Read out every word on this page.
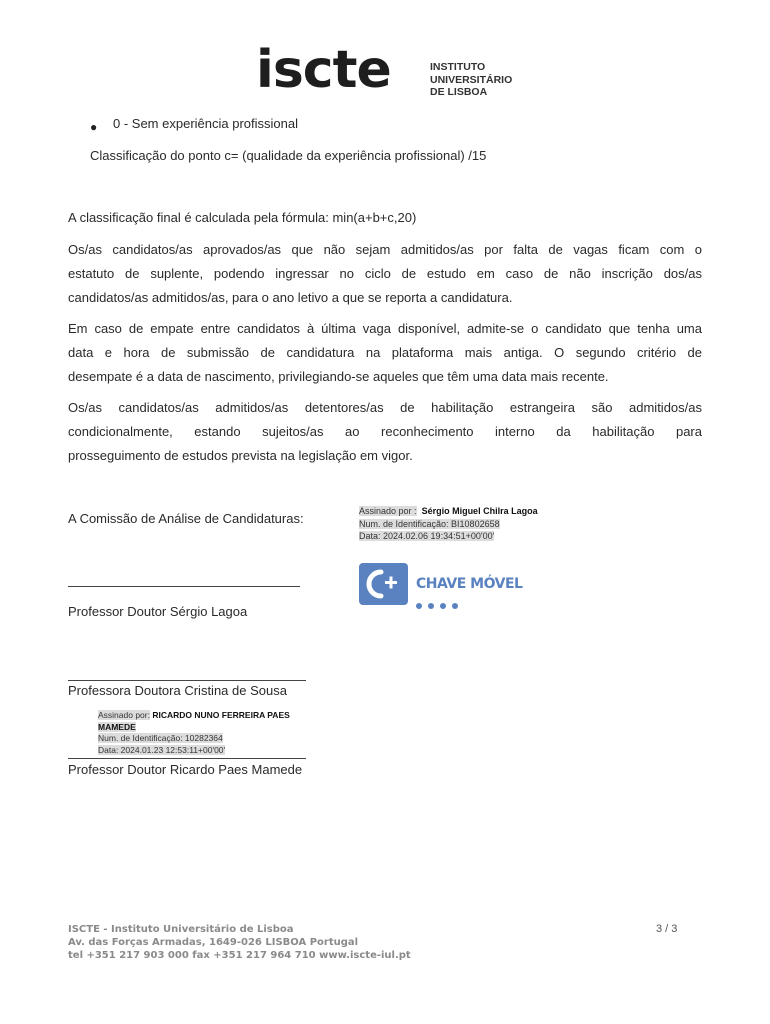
iscte	INSTITUTO
UNIVERSITÁRIO
DE LISBOA
● 0 - Sem experiência profissional
Classificação do ponto c= (qualidade da experiência profissional) /15
A classificação final é calculada pela fórmula: min(a+b+c,20)
Os/as candidatos/as aprovados/as que não sejam admitidos/as por falta de vagas ficam com o
estatuto de suplente, podendo ingressar no ciclo de estudo em caso de não inscrição dos/as
candidatos/as admitidos/as, para o ano letivo a que se reporta a candidatura.
Em caso de empate entre candidatos à última vaga disponível, admite-se o candidato que tenha uma
data e hora de submissão de candidatura na plataforma mais antiga. O segundo critério de
desempate é a data de nascimento, privilegiando-se aqueles que têm uma data mais recente.
Os/as candidatos/as admitidos/as detentores/as de habilitação estrangeira são admitidos/as
condicionalmente, estando sujeitos/as ao reconhecimento interno da habilitação para
prosseguimento de estudos prevista na legislação em vigor.
A Comissão de Análise de Candidaturas:	Assinado por : Sérgio Miguel Chilra Lagoa
Num. de Identificação: BI10802658
Data: 2024.02.06 19:34:51+00'00'
CHAVE MÓVEL
Professor Doutor Sérgio Lagoa
Professora Doutora Cristina de Sousa
Assinado por: RICARDO NUNO FERREIRA PAES
MAMEDE
Num. de Identificação: 10282364
Data: 2024.01.23 12:53:11+00'00'
Professor Doutor Ricardo Paes Mamede
ISCTE - Instituto Universitário de Lisboa
Av. das Forças Armadas, 1649-026 LISBOA Portugal
tel +351 217 903 000 fax +351 217 964 710 www.iscte-iul.pt
3 / 3
